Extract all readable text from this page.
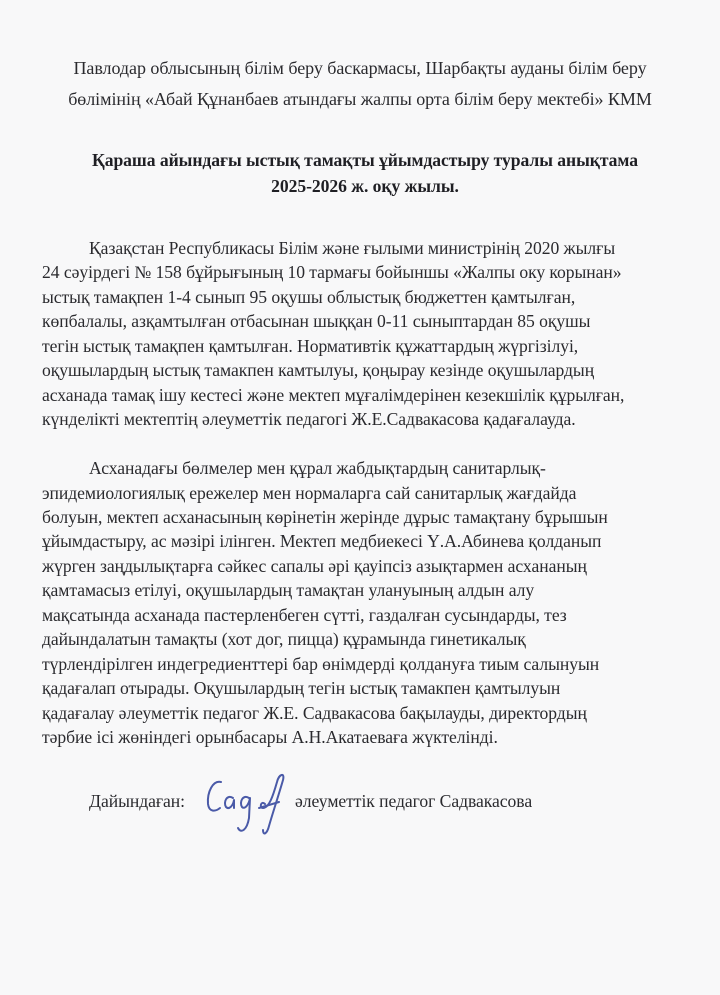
Павлодар облысының білім беру баскармасы, Шарбақты ауданы білім беру
бөлімінің «Абай Құнанбаев атындағы жалпы орта білім беру мектебі» КММ
Қараша айындағы ыстық тамақты ұйымдастыру туралы анықтама
2025-2026 ж. оқу жылы.
Қазақстан Республикасы Білім және ғылыми министрінің 2020 жылғы
24 сәуірдегі № 158 бұйрығының 10 тармағы бойыншы «Жалпы оку корынан»
ыстық тамақпен 1-4 сынып 95 оқушы облыстық бюджеттен қамтылған,
көпбалалы, азқамтылған отбасынан шыққан 0-11 сыныптардан 85 оқушы
тегін ыстық тамақпен қамтылған. Нормативтік құжаттардың жүргізілуі,
оқушылардың ыстық тамакпен камтылуы, қоңырау кезінде оқушылардың
асханада тамақ ішу кестесі және мектеп мұғалімдерінен кезекшілік құрылған,
күнделікті мектептің әлеуметтік педагогі Ж.Е.Садвакасова қадағалауда.
Асханадағы бөлмелер мен құрал жабдықтардың санитарлық-
эпидемиологиялық ережелер мен нормаларга сай санитарлық жағдайда
болуын, мектеп асханасының көрінетін жерінде дұрыс тамақтану бұрышын
ұйымдастыру, ас мәзірі ілінген. Мектеп медбиекесі Ү.А.Абинева қолданып
жүрген заңдылықтарға сәйкес сапалы әрі қауіпсіз азықтармен асхананың
қамтамасыз етілуі, оқушылардың тамақтан улануының алдын алу
мақсатында асханада пастерленбеген сүтті, газдалған сусындарды, тез
дайындалатын тамақты (хот дог, пицца) құрамында гинетикалық
түрлендірілген индегредиенттері бар өнімдерді қолдануға тиым салынуын
қадағалап отырады. Оқушылардың тегін ыстық тамакпен қамтылуын
қадағалау әлеуметтік педагог Ж.Е. Садвакасова бақылауды, директордың
тәрбие ісі жөніндегі орынбасары А.Н.Акатаеваға жүктелінді.
Дайындаған:	әлеуметтік педагог Садвакасова
